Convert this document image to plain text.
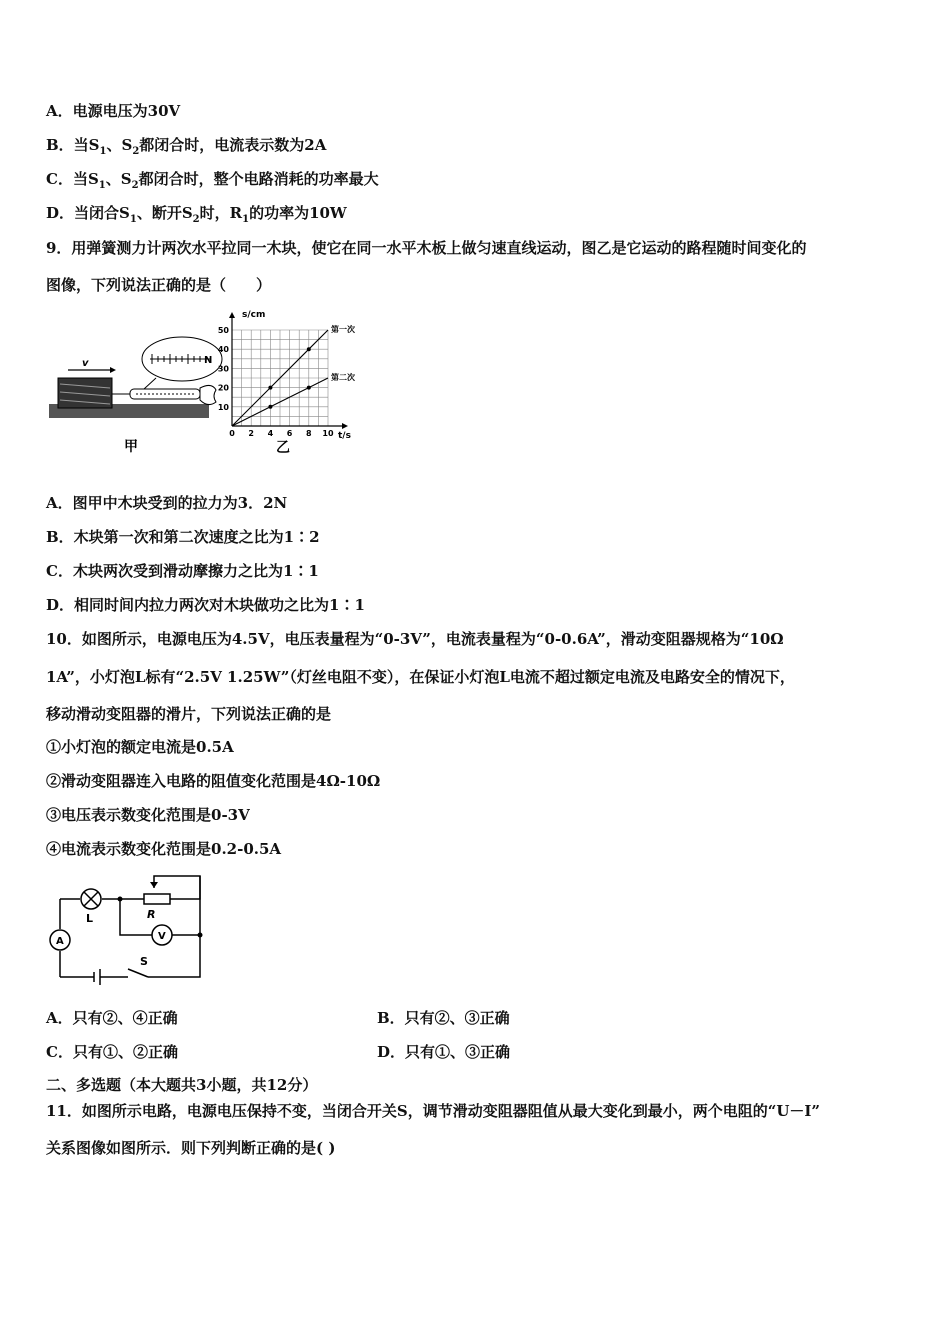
A．电源电压为30V
B．当$S_1$、$S_2$都闭合时，电流表示数为2A
C．当$S_1$、$S_2$都闭合时，整个电路消耗的功率最大
D．当闭合$S_1$、断开$S_2$时，$R_1$的功率为10W
9．用弹簧测力计两次水平拉同一木块，使它在同一水平木板上做匀速直线运动，图乙是它运动的路程随时间变化的
图像，下列说法正确的是（　　）
v	N
甲
第一次
第二次
10
20
30
40
50
0 2 4 6 8 10
s/cm
t/s
乙
A．图甲中木块受到的拉力为3．2N
B．木块第一次和第二次速度之比为1∶2
C．木块两次受到滑动摩擦力之比为1∶1
D．相同时间内拉力两次对木块做功之比为1∶1
10．如图所示，电源电压为4.5V，电压表量程为“0-3V”，电流表量程为“0-0.6A”，滑动变阻器规格为“10Ω
1A”，小灯泡L标有“2.5V 1.25W”（灯丝电阻不变），在保证小灯泡L电流不超过额定电流及电路安全的情况下，
移动滑动变阻器的滑片，下列说法正确的是
①小灯泡的额定电流是0.5A
②滑动变阻器连入电路的阻值变化范围是4Ω-10Ω
③电压表示数变化范围是0-3V
④电流表示数变化范围是0.2-0.5A
L	R
V
A
S
A．只有②、④正确	B．只有②、③正确
C．只有①、②正确	D．只有①、③正确
二、多选题（本大题共3小题，共12分）
11．如图所示电路，电源电压保持不变，当闭合开关S，调节滑动变阻器阻值从最大变化到最小，两个电阻的“U－I”
关系图像如图所示．则下列判断正确的是( )
